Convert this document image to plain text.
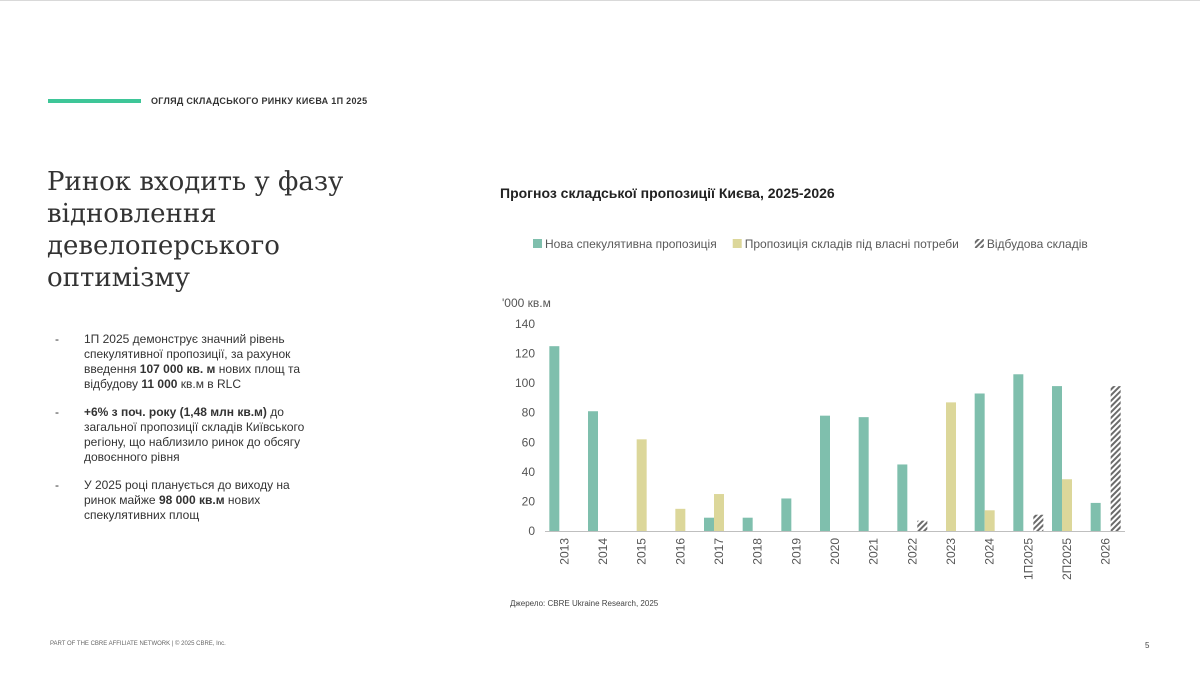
ОГЛЯД СКЛАДСЬКОГО РИНКУ КИЄВА 1П 2025
Ринок входить у фазу відновлення девелоперського оптимізму
- 1П 2025 демонструє значний рівень спекулятивної пропозиції, за рахунок введення 107 000 кв. м нових площ та відбудову 11 000 кв.м в RLC
- +6% з поч. року (1,48 млн кв.м) до загальної пропозиції складів Київського регіону, що наблизило ринок до обсягу довоєнного рівня
- У 2025 році планується до виходу на ринок майже 98 000 кв.м нових спекулятивних площ
Прогноз складської пропозиції Києва, 2025-2026
'000 кв.м
0
20
40
60
80
100
120
140
2013 2014 2015 2016 2017 2018 2019 2020 2021 2022 2023 2024 1П2025 2П2025 2026
Нова спекулятивна пропозиція Пропозиція складів під власні потреби Відбудова складів
Джерело: CBRE Ukraine Research, 2025
PART OF THE CBRE AFFILIATE NETWORK | © 2025 CBRE, Inc.	5
